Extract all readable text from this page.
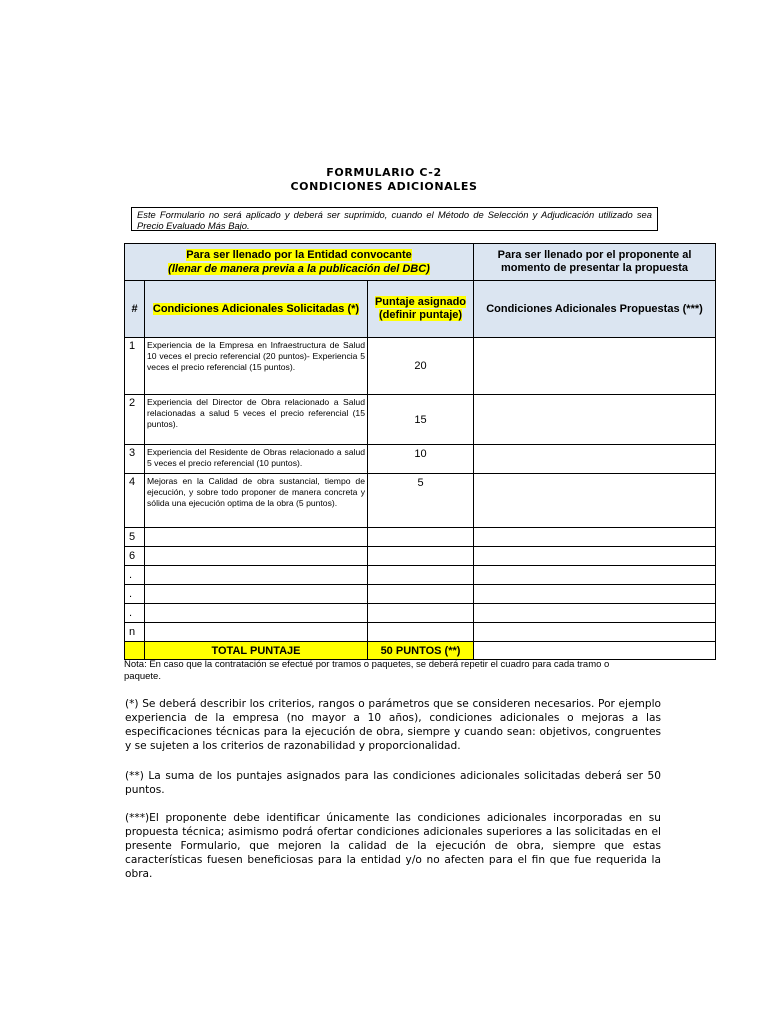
FORMULARIO C-2
CONDICIONES ADICIONALES
Este Formulario no será aplicado y deberá ser suprimido, cuando el Método de Selección y Adjudicación utilizado sea Precio Evaluado Más Bajo.
Para ser llenado por la Entidad convocante
(llenar de manera previa a la publicación del DBC)			Para ser llenado por el proponente al momento de presentar la propuesta
#	Condiciones Adicionales Solicitadas (*)	Puntaje asignado (definir puntaje)	Condiciones Adicionales Propuestas (***)
1	Experiencia de la Empresa en Infraestructura de Salud 10 veces el precio referencial (20 puntos)- Experiencia 5 veces el precio referencial (15 puntos).	20	
2	Experiencia del Director de Obra relacionado a Salud relacionadas a salud 5 veces el precio referencial (15 puntos).	15	
3	Experiencia del Residente de Obras relacionado a salud 5 veces el precio referencial (10 puntos).	10	
4	Mejoras en la Calidad de obra sustancial, tiempo de ejecución, y sobre todo proponer de manera concreta y sólida una ejecución optima de la obra (5 puntos).	5	
5			
6			
.			
.			
.			
n			
	TOTAL PUNTAJE	50 PUNTOS (**)	
Nota: En caso que la contratación se efectué por tramos o paquetes, se deberá repetir el cuadro para cada tramo o paquete.
(*) Se deberá describir los criterios, rangos o parámetros que se consideren necesarios. Por ejemplo experiencia de la empresa (no mayor a 10 años), condiciones adicionales o mejoras a las especificaciones técnicas para la ejecución de obra, siempre y cuando sean: objetivos, congruentes y se sujeten a los criterios de razonabilidad y proporcionalidad.
(**) La suma de los puntajes asignados para las condiciones adicionales solicitadas deberá ser 50 puntos.
(***)El proponente debe identificar únicamente las condiciones adicionales incorporadas en su propuesta técnica; asimismo podrá ofertar condiciones adicionales superiores a las solicitadas en el presente Formulario, que mejoren la calidad de la ejecución de obra, siempre que estas características fuesen beneficiosas para la entidad y/o no afecten para el fin que fue requerida la obra.
